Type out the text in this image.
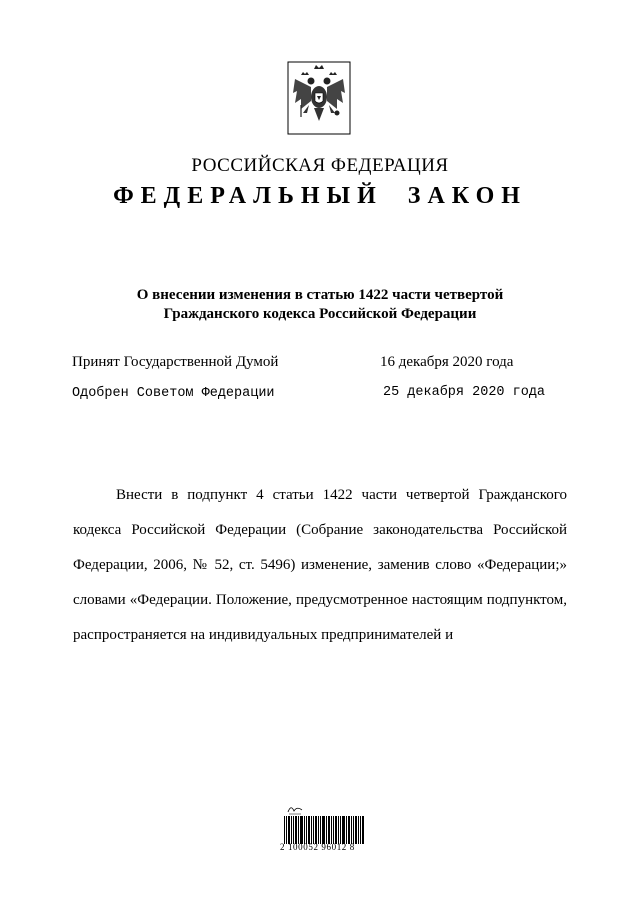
РОССИЙСКАЯ ФЕДЕРАЦИЯ
ФЕДЕРАЛЬНЫЙ ЗАКОН
О внесении изменения в статью 1422 части четвертой
Гражданского кодекса Российской Федерации
Принят Государственной Думой	16 декабря 2020 года
Одобрен Советом Федерации	25 декабря 2020 года
Внести в подпункт 4 статьи 1422 части четвертой Гражданского кодекса Российской Федерации (Собрание законодательства Российской Федерации, 2006, № 52, ст. 5496) изменение, заменив слово «Федерации;» словами «Федерации. Положение, предусмотренное настоящим подпунктом, распространяется на индивидуальных предпринимателей и
2 100052 96012 8
